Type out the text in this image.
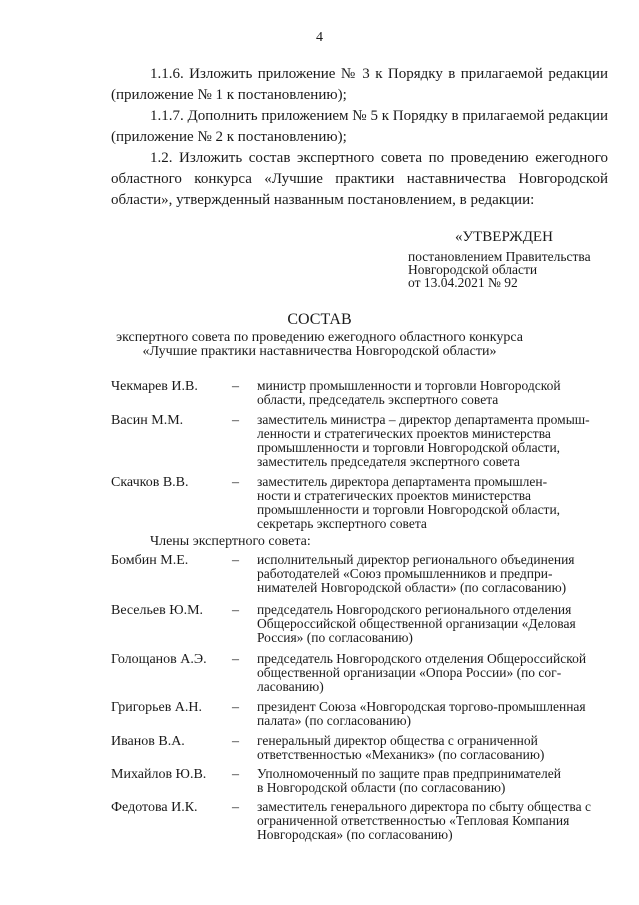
4
1.1.6. Изложить приложение № 3 к Порядку в прилагаемой редакции
(приложение № 1 к постановлению);
1.1.7. Дополнить приложением № 5 к Порядку в прилагаемой редакции
(приложение № 2 к постановлению);
1.2. Изложить состав экспертного совета по проведению ежегодного
областного конкурса «Лучшие практики наставничества Новгородской
области», утвержденный названным постановлением, в редакции:
«УТВЕРЖДЕН
постановлением Правительства
Новгородской области
от 13.04.2021 № 92
СОСТАВ
экспертного совета по проведению ежегодного областного конкурса
«Лучшие практики наставничества Новгородской области»
Чекмарев И.В. – министр промышленности и торговли Новгородской
области, председатель экспертного совета
Васин М.М.	– заместитель министра – директор департамента промыш-
ленности и стратегических проектов министерства
промышленности и торговли Новгородской области,
заместитель председателя экспертного совета
Скачков В.В.	– заместитель директора департамента промышлен-
ности и стратегических проектов министерства
промышленности и торговли Новгородской области,
секретарь экспертного совета
Члены экспертного совета:
Бомбин М.Е.	– исполнительный директор регионального объединения
работодателей «Союз промышленников и предпри-
нимателей Новгородской области» (по согласованию)
Весельев Ю.М. – председатель Новгородского регионального отделения
Общероссийской общественной организации «Деловая
Россия» (по согласованию)
Голощанов А.Э. – председатель Новгородского отделения Общероссийской
общественной организации «Опора России» (по сог-
ласованию)
Григорьев А.Н. – президент Союза «Новгородская торгово-промышленная
палата» (по согласованию)
Иванов В.А.	– генеральный директор общества с ограниченной
ответственностью «Механикз» (по согласованию)
Михайлов Ю.В. – Уполномоченный по защите прав предпринимателей
в Новгородской области (по согласованию)
Федотова И.К. – заместитель генерального директора по сбыту общества с
ограниченной ответственностью «Тепловая Компания
Новгородская» (по согласованию)
